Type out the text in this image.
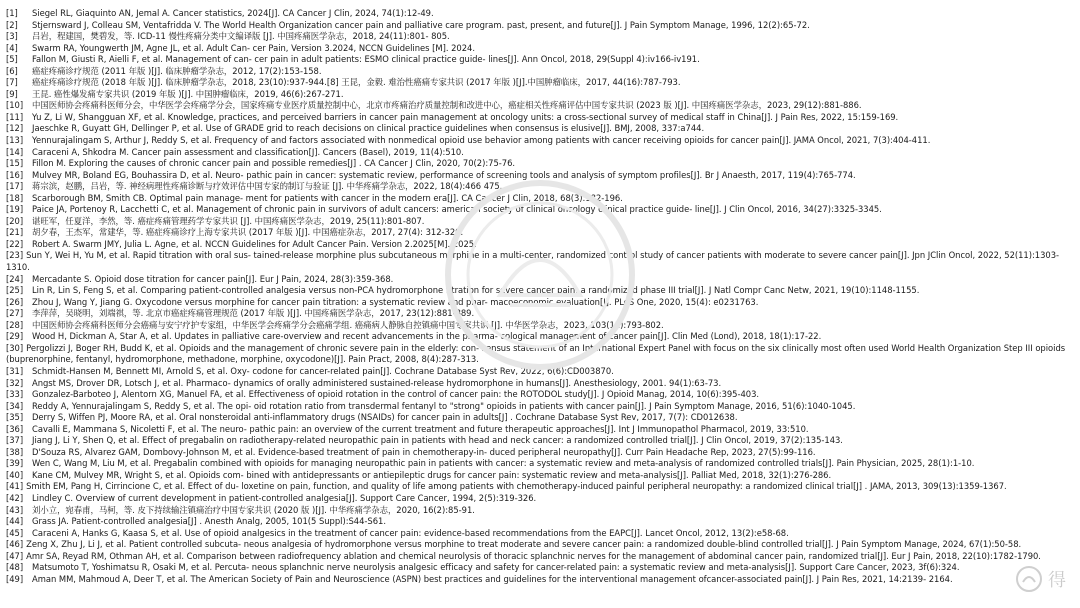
[1]	Siegel RL, Giaquinto AN, Jemal A. Cancer statistics, 2024[J]. CA Cancer J Clin, 2024, 74(1):12-49.
[2]	Stjernsward J, Colleau SM, Ventafridda V. The World Health Organization cancer pain and palliative care program. past, present, and future[J]. J Pain Symptom Manage, 1996, 12(2):65-72.
[3]	吕岩，程建国，樊碧发，等. ICD-11 慢性疼痛分类中文编译版 [J]. 中国疼痛医学杂志，2018, 24(11):801- 805.
[4]	Swarm RA, Youngwerth JM, Agne JL, et al. Adult Can- cer Pain, Version 3.2024, NCCN Guidelines [M]. 2024.
[5]	Fallon M, Giusti R, Aielli F, et al. Management of can- cer pain in adult patients: ESMO clinical practice guide- lines[J]. Ann Oncol, 2018, 29(Suppl 4):iv166-iv191.
[6]	癌症疼痛诊疗规范 (2011 年版 )[J]. 临床肿瘤学杂志，2012, 17(2):153-158.
[7]	癌症疼痛诊疗规范 (2018 年版 )[J]. 临床肿瘤学杂志，2018, 23(10):937-944.[8] 王昆，金毅. 难治性癌痛专家共识 (2017 年版 )[J].中国肿瘤临床，2017, 44(16):787-793.
[9]	王昆. 癌性爆发痛专家共识 (2019 年版 )[J]. 中国肿瘤临床，2019, 46(6):267-271.
[10]	中国医师协会疼痛科医师分会，中华医学会疼痛学分会，国家疼痛专业医疗质量控制中心，北京市疼痛治疗质量控制和改进中心，癌症相关性疼痛评估中国专家共识 (2023 版 )[J]. 中国疼痛医学杂志，2023, 29(12):881-886.
[11]	Yu Z, Li W, Shangguan XF, et al. Knowledge, practices, and perceived barriers in cancer pain management at oncology units: a cross-sectional survey of medical staff in China[J]. J Pain Res, 2022, 15:159-169.
[12]	Jaeschke R, Guyatt GH, Dellinger P, et al. Use of GRADE grid to reach decisions on clinical practice guidelines when consensus is elusive[J]. BMJ, 2008, 337:a744.
[13]	Yennurajalingam S, Arthur J, Reddy S, et al. Frequency of and factors associated with nonmedical opioid use behavior among patients with cancer receiving opioids for cancer pain[J]. JAMA Oncol, 2021, 7(3):404-411.
[14]	Caraceni A, Shkodra M. Cancer pain assessment and classification[J]. Cancers (Basel), 2019, 11(4):510.
[15]	Fillon M. Exploring the causes of chronic cancer pain and possible remedies[J] . CA Cancer J Clin, 2020, 70(2):75-76.
[16]	Mulvey MR, Boland EG, Bouhassira D, et al. Neuro- pathic pain in cancer: systematic review, performance of screening tools and analysis of symptom profiles[J]. Br J Anaesth, 2017, 119(4):765-774.
[17]	蒋宗滨，赵鹏，吕岩，等. 神经病理性疼痛诊断与疗效评估中国专家的制订与验证 [J]. 中华疼痛学杂志，2022, 18(4):466 475.
[18]	Scarborough BM, Smith CB. Optimal pain manage- ment for patients with cancer in the modern era[J]. CA Cancer J Clin, 2018, 68(3):182-196.
[19]	Paice JA, Portenoy R, Lacchetti C, et al. Management of chronic pain in survivors of adult cancers: american society of clinical oncology clinical practice guide- line[J]. J Clin Oncol, 2016, 34(27):3325-3345.
[20]	谌旺军，任夏洋，李然，等. 癌症疼痛管理药学专家共识 [J]. 中国疼痛医学杂志，2019, 25(11):801-807.
[21]	胡夕春，王杰军，常建华，等. 癌症疼痛诊疗上海专家共识 (2017 年版 )[J]. 中国癌症杂志，2017, 27(4): 312-320.
[22]	Robert A. Swarm JMY, Julia L. Agne, et al. NCCN Guidelines for Adult Cancer Pain. Version 2.2025[M]. 2025.
[23] Sun Y, Wei H, Yu M, et al. Rapid titration with oral sus- tained-release morphine plus subcutaneous morphine in a multi-center, randomized control study of cancer patients with moderate to severe cancer pain[J]. Jpn JClin Oncol, 2022, 52(11):1303-1310.
[24]	Mercadante S. Opioid dose titration for cancer pain[J]. Eur J Pain, 2024, 28(3):359-368.
[25]	Lin R, Lin S, Feng S, et al. Comparing patient-controlled analgesia versus non-PCA hydromorphone titration for severe cancer pain: a randomized phase III trial[J]. J Natl Compr Canc Netw, 2021, 19(10):1148-1155.
[26]	Zhou J, Wang Y, Jiang G. Oxycodone versus morphine for cancer pain titration: a systematic review and phar- macoeconomic evaluation[J]. PLoS One, 2020, 15(4): e0231763.
[27]	李萍萍，吴晓明，刘端祺，等. 北京市癌症疼痛管理规范 (2017 年版 )[J]. 中国疼痛医学杂志，2017, 23(12):881-889.
[28]	中国医师协会疼痛科医师分会癌痛与安宁疗护专家组，中华医学会疼痛学分会癌痛学组. 癌痛病人静脉自控镇痛中国专家共识 [J]. 中华医学杂志，2023, 103(11):793-802.
[29]	Wood H, Dickman A, Star A, et al. Updates in palliative care-overview and recent advancements in the pharma- cological management of cancer pain[J]. Clin Med (Lond), 2018, 18(1):17-22.
[30] Pergolizzi J, Boger RH, Budd K, et al. Opioids and the management of chronic severe pain in the elderly: con- sensus statement of an International Expert Panel with focus on the six clinically most often used World Health Organization Step III opioids (buprenorphine, fentanyl, hydromorphone, methadone, morphine, oxycodone)[J]. Pain Pract, 2008, 8(4):287-313.
[31]	Schmidt-Hansen M, Bennett MI, Arnold S, et al. Oxy- codone for cancer-related pain[J]. Cochrane Database Syst Rev, 2022, 6(6):CD003870.
[32]	Angst MS, Drover DR, Lotsch J, et al. Pharmaco- dynamics of orally administered sustained-release hydromorphone in humans[J]. Anesthesiology, 2001. 94(1):63-73.
[33]	Gonzalez-Barboteo J, Alentorn XG, Manuel FA, et al. Effectiveness of opioid rotation in the control of cancer pain: the ROTODOL study[J]. J Opioid Manag, 2014, 10(6):395-403.
[34]	Reddy A, Yennurajalingam S, Reddy S, et al. The opi- oid rotation ratio from transdermal fentanyl to "strong" opioids in patients with cancer pain[J]. J Pain Symptom Manage, 2016, 51(6):1040-1045.
[35]	Derry S, Wiffen PJ, Moore RA, et al. Oral nonsteroidal anti-inflammatory drugs (NSAIDs) for cancer pain in adults[J] . Cochrane Database Syst Rev, 2017, 7(7): CD012638.
[36]	Cavalli E, Mammana S, Nicoletti F, et al. The neuro- pathic pain: an overview of the current treatment and future therapeutic approaches[J]. Int J Immunopathol Pharmacol, 2019, 33:510.
[37]	Jiang J, Li Y, Shen Q, et al. Effect of pregabalin on radiotherapy-related neuropathic pain in patients with head and neck cancer: a randomized controlled trial[J]. J Clin Oncol, 2019, 37(2):135-143.
[38]	D'Souza RS, Alvarez GAM, Dombovy-Johnson M, et al. Evidence-based treatment of pain in chemotherapy-in- duced peripheral neuropathy[J]. Curr Pain Headache Rep, 2023, 27(5):99-116.
[39]	Wen C, Wang M, Liu M, et al. Pregabalin combined with opioids for managing neuropathic pain in patients with cancer: a systematic review and meta-analysis of randomized controlled trials[J]. Pain Physician, 2025, 28(1):1-10.
[40]	Kane CM, Mulvey MR, Wright S, et al. Opioids com- bined with antidepressants or antiepileptic drugs for cancer pain: systematic review and meta-analysis[J]. Palliat Med, 2018, 32(1):276-286.
[41] Smith EM, Pang H, Cirrincione C, et al. Effect of du- loxetine on pain, function, and quality of life among patients with chemotherapy-induced painful peripheral neuropathy: a randomized clinical trial[J] . JAMA, 2013, 309(13):1359-1367.
[42]	Lindley C. Overview of current development in patient-controlled analgesia[J]. Support Care Cancer, 1994, 2(5):319-326.
[43]	刘小立，宛春甫，马柯，等. 皮下持续输注镇痛治疗中国专家共识 (2020 版 )[J]. 中华疼痛学杂志，2020, 16(2):85-91.
[44]	Grass JA. Patient-controlled analgesia[J] . Anesth Analg, 2005, 101(5 Suppl):S44-S61.
[45]	Caraceni A, Hanks G, Kaasa S, et al. Use of opioid analgesics in the treatment of cancer pain: evidence-based recommendations from the EAPC[J]. Lancet Oncol, 2012, 13(2):e58-68.
[46] Zeng X, Zhu J, Li J, et al. Patient controlled subcuta- neous analgesia of hydromorphone versus morphine to treat moderate and severe cancer pain: a randomized double-blind controlled trial[J]. J Pain Symptom Manage, 2024, 67(1):50-58.
[47] Amr SA, Reyad RM, Othman AH, et al. Comparison between radiofrequency ablation and chemical neurolysis of thoracic splanchnic nerves for the management of abdominal cancer pain, randomized trial[J]. Eur J Pain, 2018, 22(10):1782-1790.
[48]	Matsumoto T, Yoshimatsu R, Osaki M, et al. Percuta- neous splanchnic nerve neurolysis analgesic efficacy and safety for cancer-related pain: a systematic review and meta-analysis[J]. Support Care Cancer, 2023, 3f(6):324.
[49]	Aman MM, Mahmoud A, Deer T, et al. The American Society of Pain and Neuroscience (ASPN) best practices and guidelines for the interventional management ofcancer-associated pain[J]. J Pain Res, 2021, 14:2139- 2164.	得
